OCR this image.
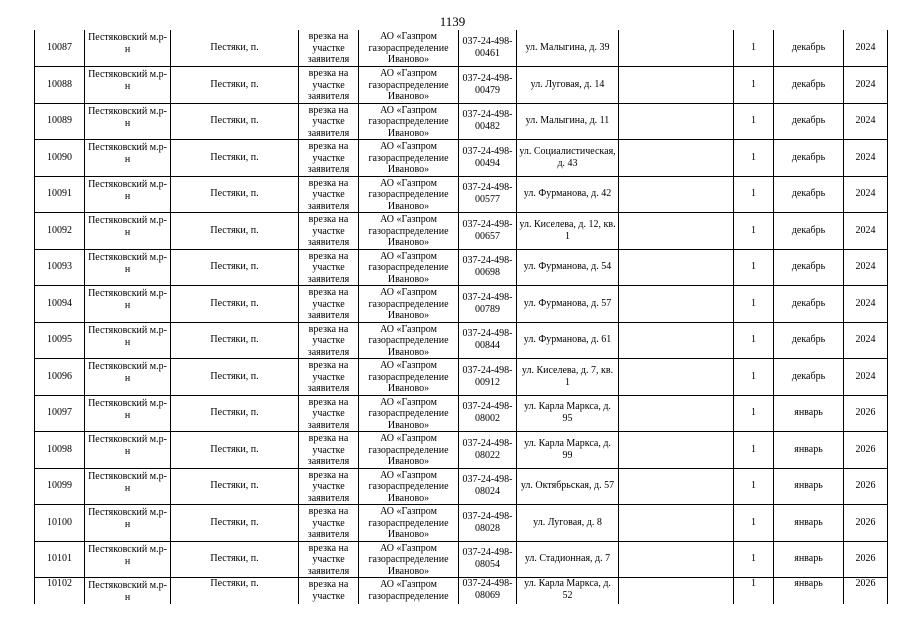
1139
10087	Пестяковский м.р-н	Пестяки, п.	врезка на участке заявителя	АО «Газпром газораспределение Иваново»	037-24-498-00461	ул. Малыгина, д. 39		1	декабрь	2024
10088	Пестяковский м.р-н	Пестяки, п.	врезка на участке заявителя	АО «Газпром газораспределение Иваново»	037-24-498-00479	ул. Луговая, д. 14		1	декабрь	2024
10089	Пестяковский м.р-н	Пестяки, п.	врезка на участке заявителя	АО «Газпром газораспределение Иваново»	037-24-498-00482	ул. Малыгина, д. 11		1	декабрь	2024
10090	Пестяковский м.р-н	Пестяки, п.	врезка на участке заявителя	АО «Газпром газораспределение Иваново»	037-24-498-00494	ул. Социалистическая, д. 43		1	декабрь	2024
10091	Пестяковский м.р-н	Пестяки, п.	врезка на участке заявителя	АО «Газпром газораспределение Иваново»	037-24-498-00577	ул. Фурманова, д. 42		1	декабрь	2024
10092	Пестяковский м.р-н	Пестяки, п.	врезка на участке заявителя	АО «Газпром газораспределение Иваново»	037-24-498-00657	ул. Киселева, д. 12, кв. 1		1	декабрь	2024
10093	Пестяковский м.р-н	Пестяки, п.	врезка на участке заявителя	АО «Газпром газораспределение Иваново»	037-24-498-00698	ул. Фурманова, д. 54		1	декабрь	2024
10094	Пестяковский м.р-н	Пестяки, п.	врезка на участке заявителя	АО «Газпром газораспределение Иваново»	037-24-498-00789	ул. Фурманова, д. 57		1	декабрь	2024
10095	Пестяковский м.р-н	Пестяки, п.	врезка на участке заявителя	АО «Газпром газораспределение Иваново»	037-24-498-00844	ул. Фурманова, д. 61		1	декабрь	2024
10096	Пестяковский м.р-н	Пестяки, п.	врезка на участке заявителя	АО «Газпром газораспределение Иваново»	037-24-498-00912	ул. Киселева, д. 7, кв. 1		1	декабрь	2024
10097	Пестяковский м.р-н	Пестяки, п.	врезка на участке заявителя	АО «Газпром газораспределение Иваново»	037-24-498-08002	ул. Карла Маркса, д. 95		1	январь	2026
10098	Пестяковский м.р-н	Пестяки, п.	врезка на участке заявителя	АО «Газпром газораспределение Иваново»	037-24-498-08022	ул. Карла Маркса, д. 99		1	январь	2026
10099	Пестяковский м.р-н	Пестяки, п.	врезка на участке заявителя	АО «Газпром газораспределение Иваново»	037-24-498-08024	ул. Октябрьская, д. 57		1	январь	2026
10100	Пестяковский м.р-н	Пестяки, п.	врезка на участке заявителя	АО «Газпром газораспределение Иваново»	037-24-498-08028	ул. Луговая, д. 8		1	январь	2026
10101	Пестяковский м.р-н	Пестяки, п.	врезка на участке заявителя	АО «Газпром газораспределение Иваново»	037-24-498-08054	ул. Стадионная, д. 7		1	январь	2026
10102	Пестяковский м.р-н	Пестяки, п.	врезка на участке	АО «Газпром газораспределение	037-24-498-08069	ул. Карла Маркса, д. 52		1	январь	2026
